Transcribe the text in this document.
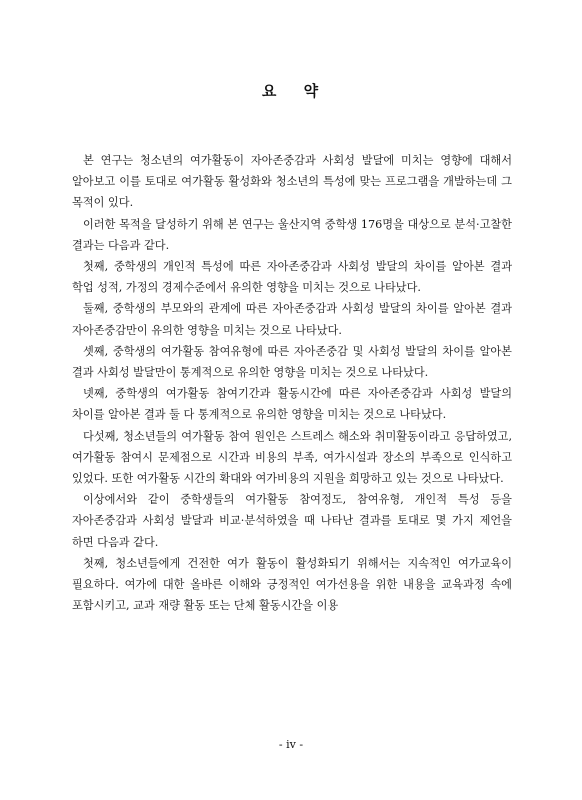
요 약

본 연구는 청소년의 여가활동이 자아존중감과 사회성 발달에 미치는 영향에 대해서 알아보고 이를 토대로 여가활동 활성화와 청소년의 특성에 맞는 프로그램을 개발하는데 그 목적이 있다.

이러한 목적을 달성하기 위해 본 연구는 울산지역 중학생 176명을 대상으로 분석·고찰한 결과는 다음과 같다.

첫째, 중학생의 개인적 특성에 따른 자아존중감과 사회성 발달의 차이를 알아본 결과 학업 성적, 가정의 경제수준에서 유의한 영향을 미치는 것으로 나타났다.

둘째, 중학생의 부모와의 관계에 따른 자아존중감과 사회성 발달의 차이를 알아본 결과 자아존중감만이 유의한 영향을 미치는 것으로 나타났다.

셋째, 중학생의 여가활동 참여유형에 따른 자아존중감 및 사회성 발달의 차이를 알아본 결과 사회성 발달만이 통계적으로 유의한 영향을 미치는 것으로 나타났다.

넷째, 중학생의 여가활동 참여기간과 활동시간에 따른 자아존중감과 사회성 발달의 차이를 알아본 결과 둘 다 통계적으로 유의한 영향을 미치는 것으로 나타났다.

다섯째, 청소년들의 여가활동 참여 원인은 스트레스 해소와 취미활동이라고 응답하였고, 여가활동 참여시 문제점으로 시간과 비용의 부족, 여가시설과 장소의 부족으로 인식하고 있었다. 또한 여가활동 시간의 확대와 여가비용의 지원을 희망하고 있는 것으로 나타났다.

이상에서와 같이 중학생들의 여가활동 참여정도, 참여유형, 개인적 특성 등을 자아존중감과 사회성 발달과 비교·분석하였을 때 나타난 결과를 토대로 몇 가지 제언을 하면 다음과 같다.

첫째, 청소년들에게 건전한 여가 활동이 활성화되기 위해서는 지속적인 여가교육이 필요하다. 여가에 대한 올바른 이해와 긍정적인 여가선용을 위한 내용을 교육과정 속에 포함시키고, 교과 재량 활동 또는 단체 활동시간을 이용

- ⅳ -
